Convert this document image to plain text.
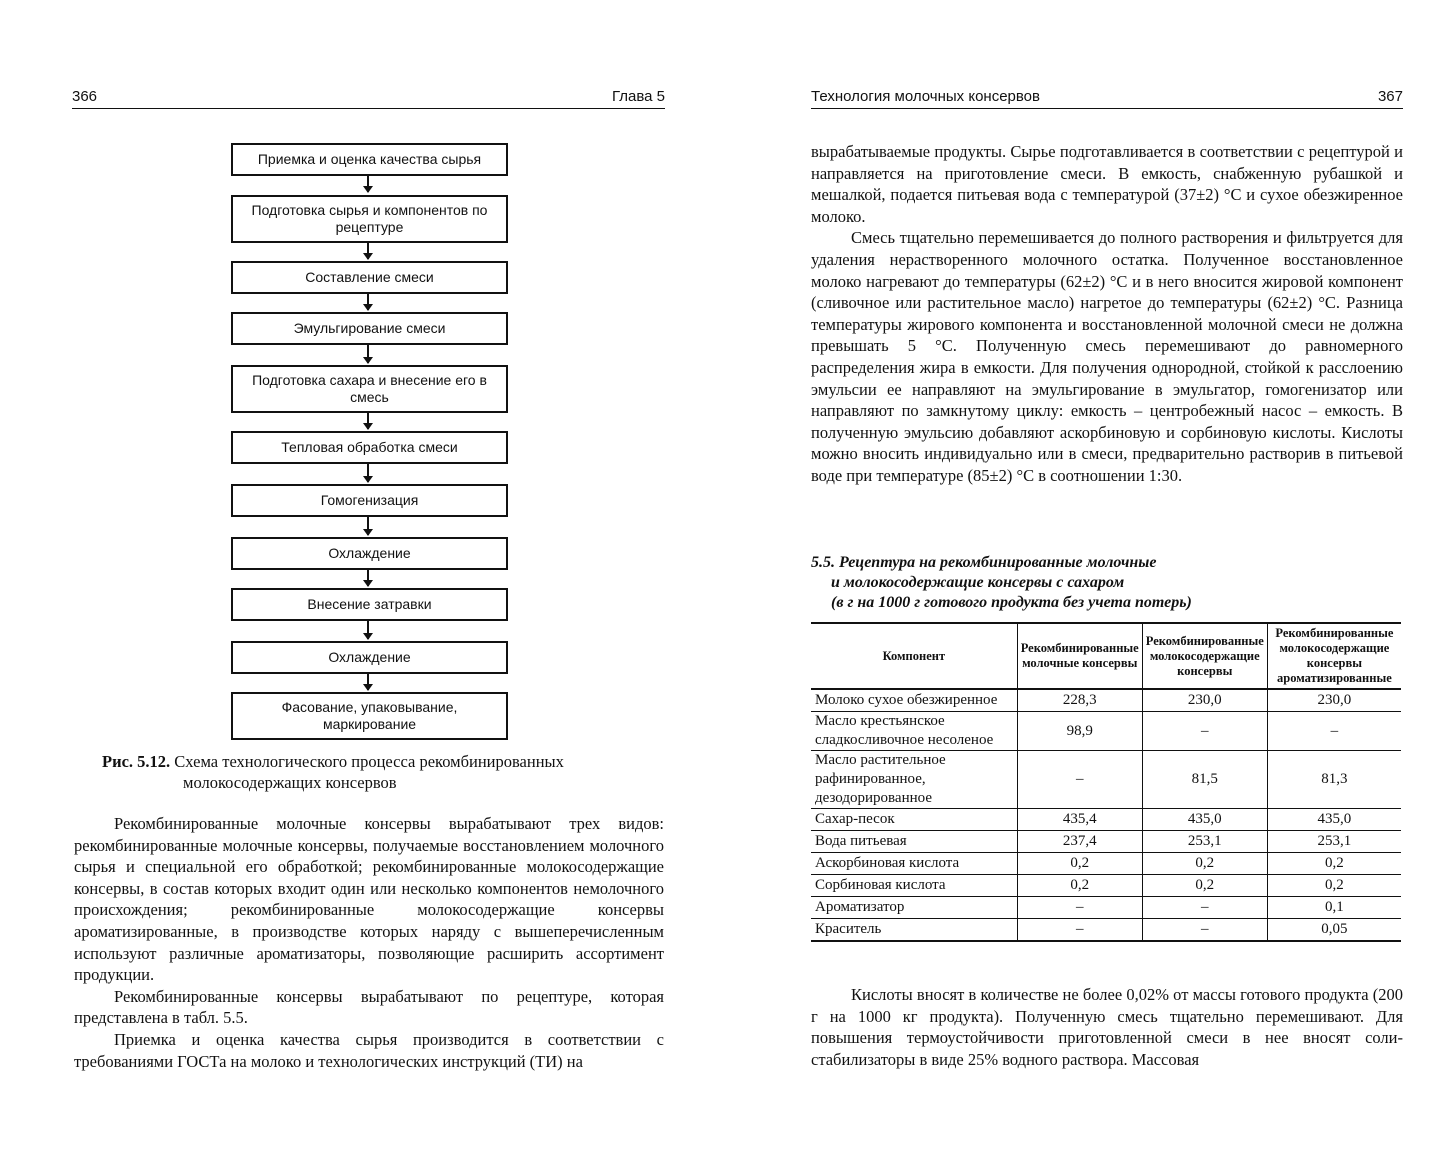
366	Глава 5
Приемка и оценка качества сырья
Подготовка сырья и компонентов по рецептуре
Составление смеси
Эмульгирование смеси
Подготовка сахара и внесение его в смесь
Тепловая обработка смеси
Гомогенизация
Охлаждение
Внесение затравки
Охлаждение
Фасование, упаковывание, маркирование
Рис. 5.12. Схема технологического процесса рекомбинированных
молокосодержащих консервов

Рекомбинированные молочные консервы вырабатывают трех видов: рекомбинированные молочные консервы, получаемые восстановлением молочного сырья и специальной его обработкой; рекомбинированные молокосодержащие консервы, в состав которых входит один или несколько компонентов немолочного происхождения; рекомбинированные молокосодержащие консервы ароматизированные, в производстве которых наряду с вышеперечисленным используют различные ароматизаторы, позволяющие расширить ассортимент продукции.

Рекомбинированные консервы вырабатывают по рецептуре, которая представлена в табл. 5.5.

Приемка и оценка качества сырья производится в соответствии с требованиями ГОСТа на молоко и технологических инструкций (ТИ) на

Технология молочных консервов	367

вырабатываемые продукты. Сырье подготавливается в соответствии с рецептурой и направляется на приготовление смеси. В емкость, снабженную рубашкой и мешалкой, подается питьевая вода с температурой (37±2) °С и сухое обезжиренное молоко.

Смесь тщательно перемешивается до полного растворения и фильтруется для удаления нерастворенного молочного остатка. Полученное восстановленное молоко нагревают до температуры (62±2) °С и в него вносится жировой компонент (сливочное или растительное масло) нагретое до температуры (62±2) °С. Разница температуры жирового компонента и восстановленной молочной смеси не должна превышать 5 °С. Полученную смесь перемешивают до равномерного распределения жира в емкости. Для получения однородной, стойкой к расслоению эмульсии ее направляют на эмульгирование в эмульгатор, гомогенизатор или направляют по замкнутому циклу: емкость – центробежный насос – емкость. В полученную эмульсию добавляют аскорбиновую и сорбиновую кислоты. Кислоты можно вносить индивидуально или в смеси, предварительно растворив в питьевой воде при температуре (85±2) °С в соотношении 1:30.

5.5. Рецептура на рекомбинированные молочные
и молокосодержащие консервы с сахаром
(в г на 1000 г готового продукта без учета потерь)
Компонент	Рекомбинированные молочные консервы	Рекомбинированные молокосодержащие консервы	Рекомбинированные молокосодержащие консервы ароматизированные
Молоко сухое обезжиренное	228,3	230,0	230,0
Масло крестьянское сладкосливочное несоленое	98,9	–	–
Масло растительное рафинированное, дезодорированное	–	81,5	81,3
Сахар-песок	435,4	435,0	435,0
Вода питьевая	237,4	253,1	253,1
Аскорбиновая кислота	0,2	0,2	0,2
Сорбиновая кислота	0,2	0,2	0,2
Ароматизатор	–	–	0,1
Краситель	–	–	0,05

Кислоты вносят в количестве не более 0,02% от массы готового продукта (200 г на 1000 кг продукта). Полученную смесь тщательно перемешивают. Для повышения термоустойчивости приготовленной смеси в нее вносят соли-стабилизаторы в виде 25% водного раствора. Массовая
